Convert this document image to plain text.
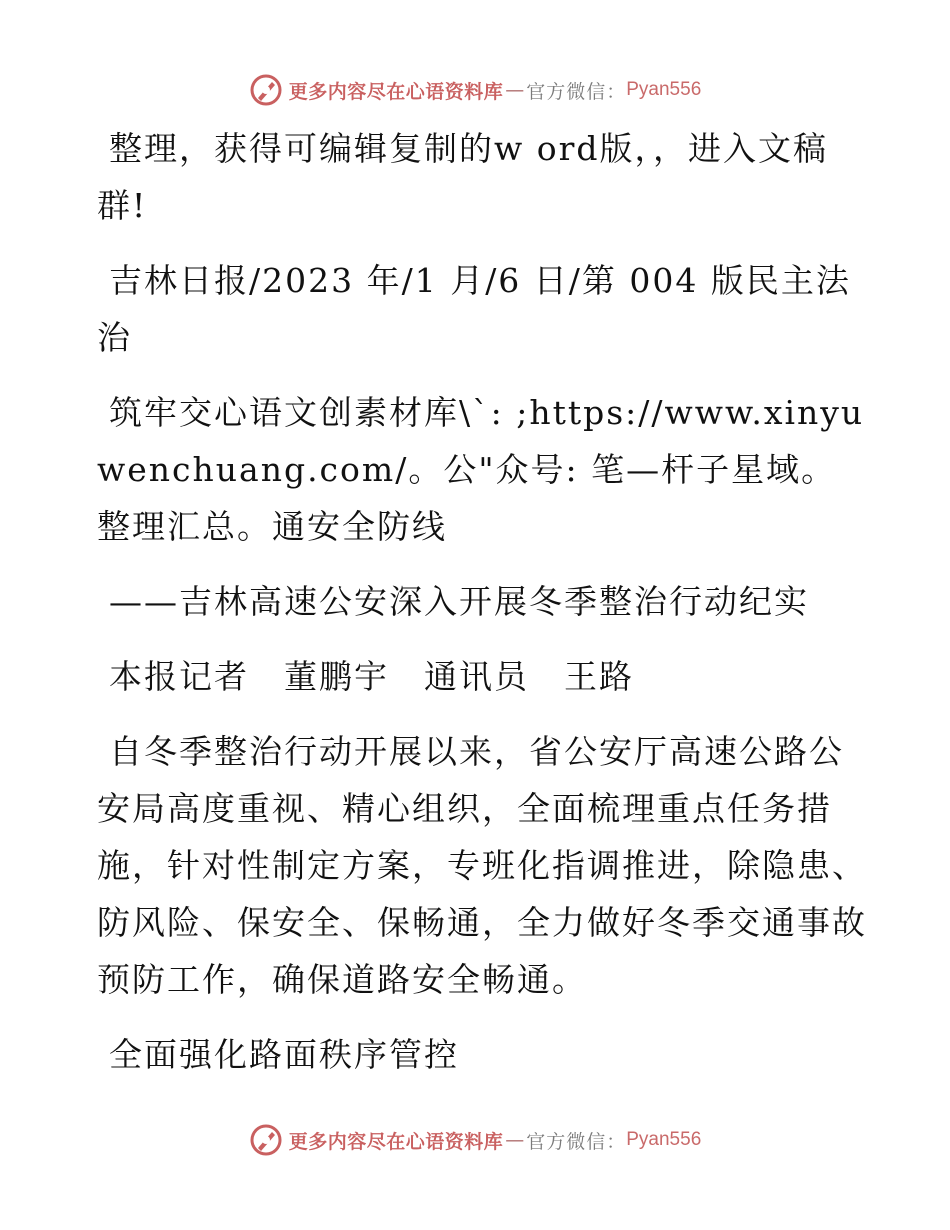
更多内容尽在心语资料库 — 官方微信： Pyan556

整理，获得可编辑复制的w ord版，，进入文稿群!

吉林日报/2023 年/1 月/6 日/第 004 版民主法治

筑牢交心语文创素材库\`: ;https://www.xinyuwenchuang.com/。公"众号: 笔—杆子星域。整理汇总。通安全防线

——吉林高速公安深入开展冬季整治行动纪实

本报记者　董鹏宇　通讯员　王路

自冬季整治行动开展以来，省公安厅高速公路公安局高度重视、精心组织，全面梳理重点任务措施，针对性制定方案，专班化指调推进，除隐患、防风险、保安全、保畅通，全力做好冬季交通事故预防工作，确保道路安全畅通。

全面强化路面秩序管控

更多内容尽在心语资料库 — 官方微信： Pyan556
